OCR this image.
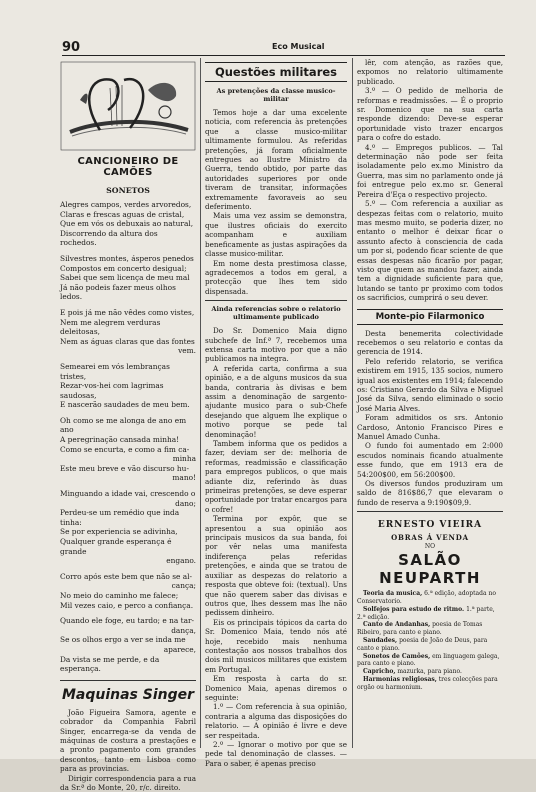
90	Eco Musical

CANCIONEIRO DE CAMÕES

SONETOS

Alegres campos, verdes arvoredos,

Claras e frescas aguas de cristal,

Que em vós os debuxais ao natural,

Discorrendo da altura dos rochedos.

Silvestres montes, ásperos penedos

Compostos em concerto desigual;

Sabei que sem licença de meu mal

Já não podeis fazer meus olhos ledos.

E pois já me não vêdes como vistes,

Nem me alegrem verduras deleitosas,

Nem as águas claras que das fontes

vem.

Semearei em vós lembranças tristes,

Rezar-vos-hei com lagrimas saudosas,

E nascerão saudades de meu bem.

Oh como se me alonga de ano em ano

A peregrinação cansada minha!

Como se encurta, e como a fim ca-

minha

Este meu breve e vão discurso hu-

mano!

Minguando a idade vai, crescendo o

dano;

Perdeu-se um remédio que inda tinha:

Se por experiencia se adivinha,

Qualquer grande esperança é grande

engano.

Corro após este bem que não se al-

cança;

No meio do caminho me falece;

Mil vezes caio, e perco a confiança.

Quando ele foge, eu tardo; e na tar-

dança,

Se os olhos ergo a ver se inda me

aparece,

Da vista se me perde, e da esperança.

Maquinas Singer

João Figueira Samora, agente e cobrador da Companhia Fabril Singer, encarrega-se da venda de máquinas de costura a prestações e a pronto pagamento com grandes descontos, tanto em Lisboa como para as provincias.

Dirigir correspondencia para a rua da Sr.ª do Monte, 20, r/c. direito.

Questões militares

As pretenções da classe musico-militar

Temos hoje a dar uma excelente noticia, com referencia às pretenções que a classe musico-militar ultimamente formulou. As referidas pretenções, já foram oficialmente entregues ao Ilustre Ministro da Guerra, tendo obtido, por parte das autoridades superiores por onde tiveram de transitar, informações extremamente favoraveis ao seu deferimento.

Mais uma vez assim se demonstra, que ilustres oficiais do exercito acompanham e auxiliam beneficamente as justas aspirações da classe musico-militar.

Em nome desta prestimosa classe, agradecemos a todos em geral, a protecção que lhes tem sido dispensada.

Ainda referencias sobre o relatorio ultimamente publicado

Do Sr. Domenico Maia digno subchefe de Inf.ª 7, recebemos uma extensa carta motivo por que a não publicamos na integra.

A referida carta, confirma a sua opinião, e a de alguns musicos da sua banda, contraria às divisas e bem assim a denominação de sargento-ajudante musico para o sub-Chefe desejando que alguem lhe explique o motivo porque se pede tal denominação!

Tambem informa que os pedidos a fazer, deviam ser de: melhoria de reformas, readmissão e classificação para empregos publicos, o que mais adiante diz, referindo às duas primeiras pretenções, se deve esperar oportunidade por tratar encargos para o cofre!

Termina por expôr, que se apresentou a sua opinião aos principais musicos da sua banda, foi por vêr nelas uma manifesta indiferença pelas referidas pretenções, e ainda que se tratou de auxiliar as despezas do relatorio a resposta que obteve foi: (textual). Uns que não querem saber das divisas e outros que, lhes dessem mas lhe não pedissem dinheiro.

Eis os principais tópicos da carta do Sr. Domenico Maia, tendo nós até hoje, recebido mais nenhuma contestação aos nossos trabalhos dos dois mil musicos militares que existem em Portugal.

Em resposta à carta do sr. Domenico Maia, apenas diremos o seguinte:

1.º — Com referencia à sua opinião, contraria a alguma das disposições do relatorio. — A opinião é livre e deve ser respeitada.

2.º — Ignorar o motivo por que se pede tal denominação de classes. — Para o saber, é apenas preciso

lêr, com atenção, as razões que, expomos no relatorio ultimamente publicado.

3.º — O pedido de melhoria de reformas e readmissões. — É o proprio sr. Domenico que na sua carta responde dizendo: Deve-se esperar oportunidade visto trazer encargos para o cofre do estado.

4.º — Empregos publicos. — Tal determinação não pode ser feita isoladamente pelo ex.mo Ministro da Guerra, mas sim no parlamento onde já foi entregue pelo ex.mo sr. General Pereira d'Eça o respectivo projecto.

5.º — Com referencia a auxiliar as despezas feitas com o relatorio, muito mas mesmo muito, se poderia dizer, no entanto o melhor é deixar ficar o assunto afecto à consciencia de cada um por si, podendo ficar sciente de que essas despesas não ficarão por pagar, visto que quem as mandou fazer, ainda tem a dignidade suficiente para que, lutando se tanto pr proximo com todos os sacrificios, cumprirá o seu dever.

Monte-pio Filarmonico

Desta benemerita colectividade recebemos o seu relatorio e contas da gerencia de 1914.

Pelo referido relatorio, se verifica existirem em 1915, 135 socios, numero igual aos existentes em 1914; falecendo os: Cristiano Gerardo da Silva e Miguel José da Silva, sendo eliminado o socio José Maria Alves.

Foram admitidos os srs. Antonio Cardoso, Antonio Francisco Pires e Manuel Amado Cunha.

O fundo foi aumentado em 2:000 escudos nominais ficando atualmente esse fundo, que em 1913 era de 54:200$00, em 56:200$00.

Os diversos fundos produziram um saldo de 816$86,7 que elevaram o fundo de reserva a 9:190$09,9.

ERNESTO VIEIRA

OBRAS Á VENDA

NO

SALÃO NEUPARTH

Teoria da musica, 6.ª edição, adoptada no Conservatorio.

Solfejos para estudo de ritmo. 1.ª parte, 2.ª edição.

Canto de Andanhas, poesia de Tomas Ribeiro, para canto e piano.

Saudades, poesia de João de Deus, para canto e piano.

Sonetos de Camões, em linguagem galega, para canto e piano.

Capricho, mazurka, para piano.

Harmonias religiosas, tres colecções para orgão ou harmonium.
